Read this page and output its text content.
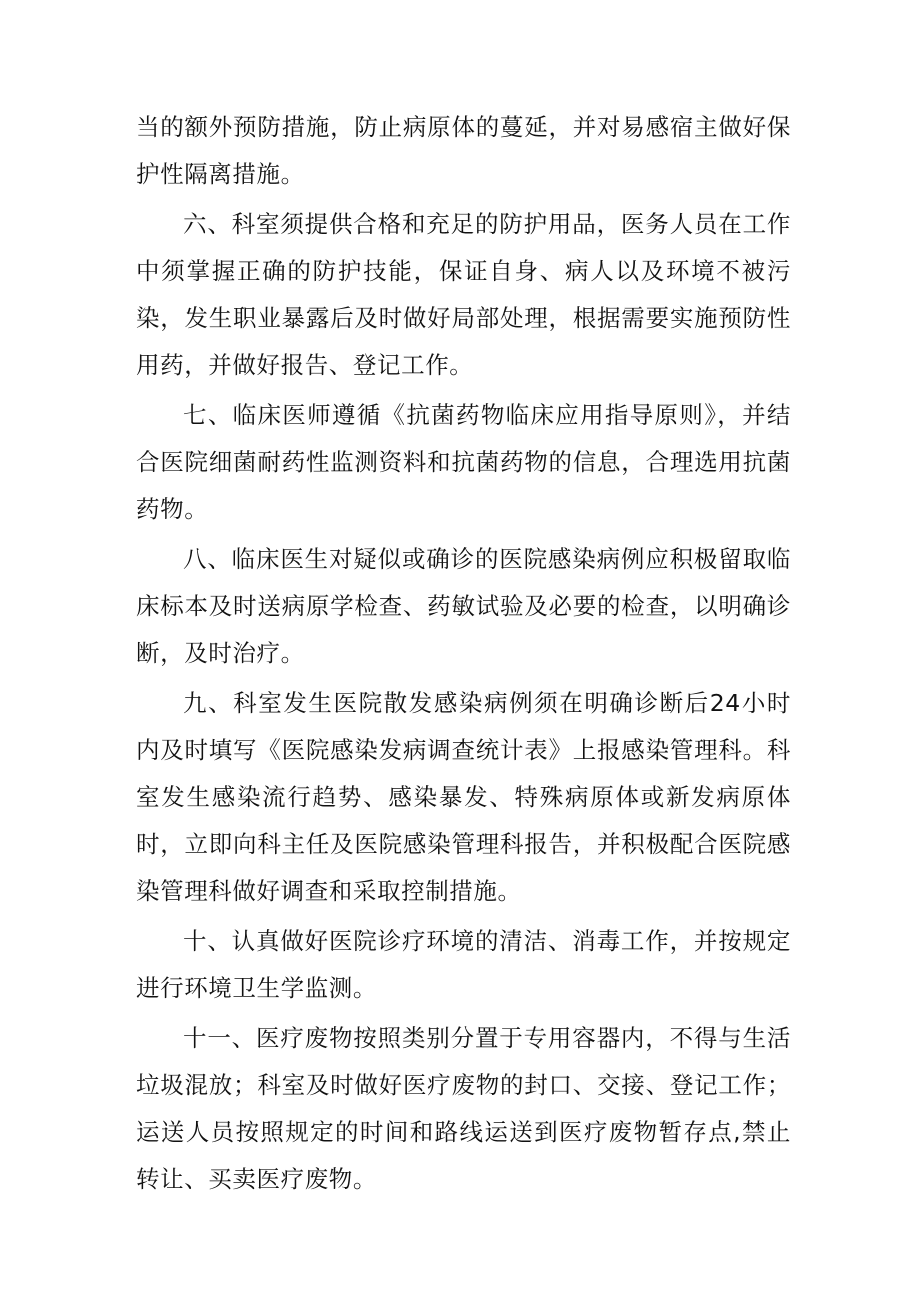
当的额外预防措施，防止病原体的蔓延，并对易感宿主做好保护性隔离措施。

六、科室须提供合格和充足的防护用品，医务人员在工作中须掌握正确的防护技能，保证自身、病人以及环境不被污染，发生职业暴露后及时做好局部处理，根据需要实施预防性用药，并做好报告、登记工作。

七、临床医师遵循《抗菌药物临床应用指导原则》，并结合医院细菌耐药性监测资料和抗菌药物的信息，合理选用抗菌药物。

八、临床医生对疑似或确诊的医院感染病例应积极留取临床标本及时送病原学检查、药敏试验及必要的检查，以明确诊断，及时治疗。

九、科室发生医院散发感染病例须在明确诊断后24小时内及时填写《医院感染发病调查统计表》上报感染管理科。科室发生感染流行趋势、感染暴发、特殊病原体或新发病原体时，立即向科主任及医院感染管理科报告，并积极配合医院感染管理科做好调查和采取控制措施。

十、认真做好医院诊疗环境的清洁、消毒工作，并按规定进行环境卫生学监测。

十一、医疗废物按照类别分置于专用容器内，不得与生活垃圾混放；科室及时做好医疗废物的封口、交接、登记工作；运送人员按照规定的时间和路线运送到医疗废物暂存点,禁止转让、买卖医疗废物。
